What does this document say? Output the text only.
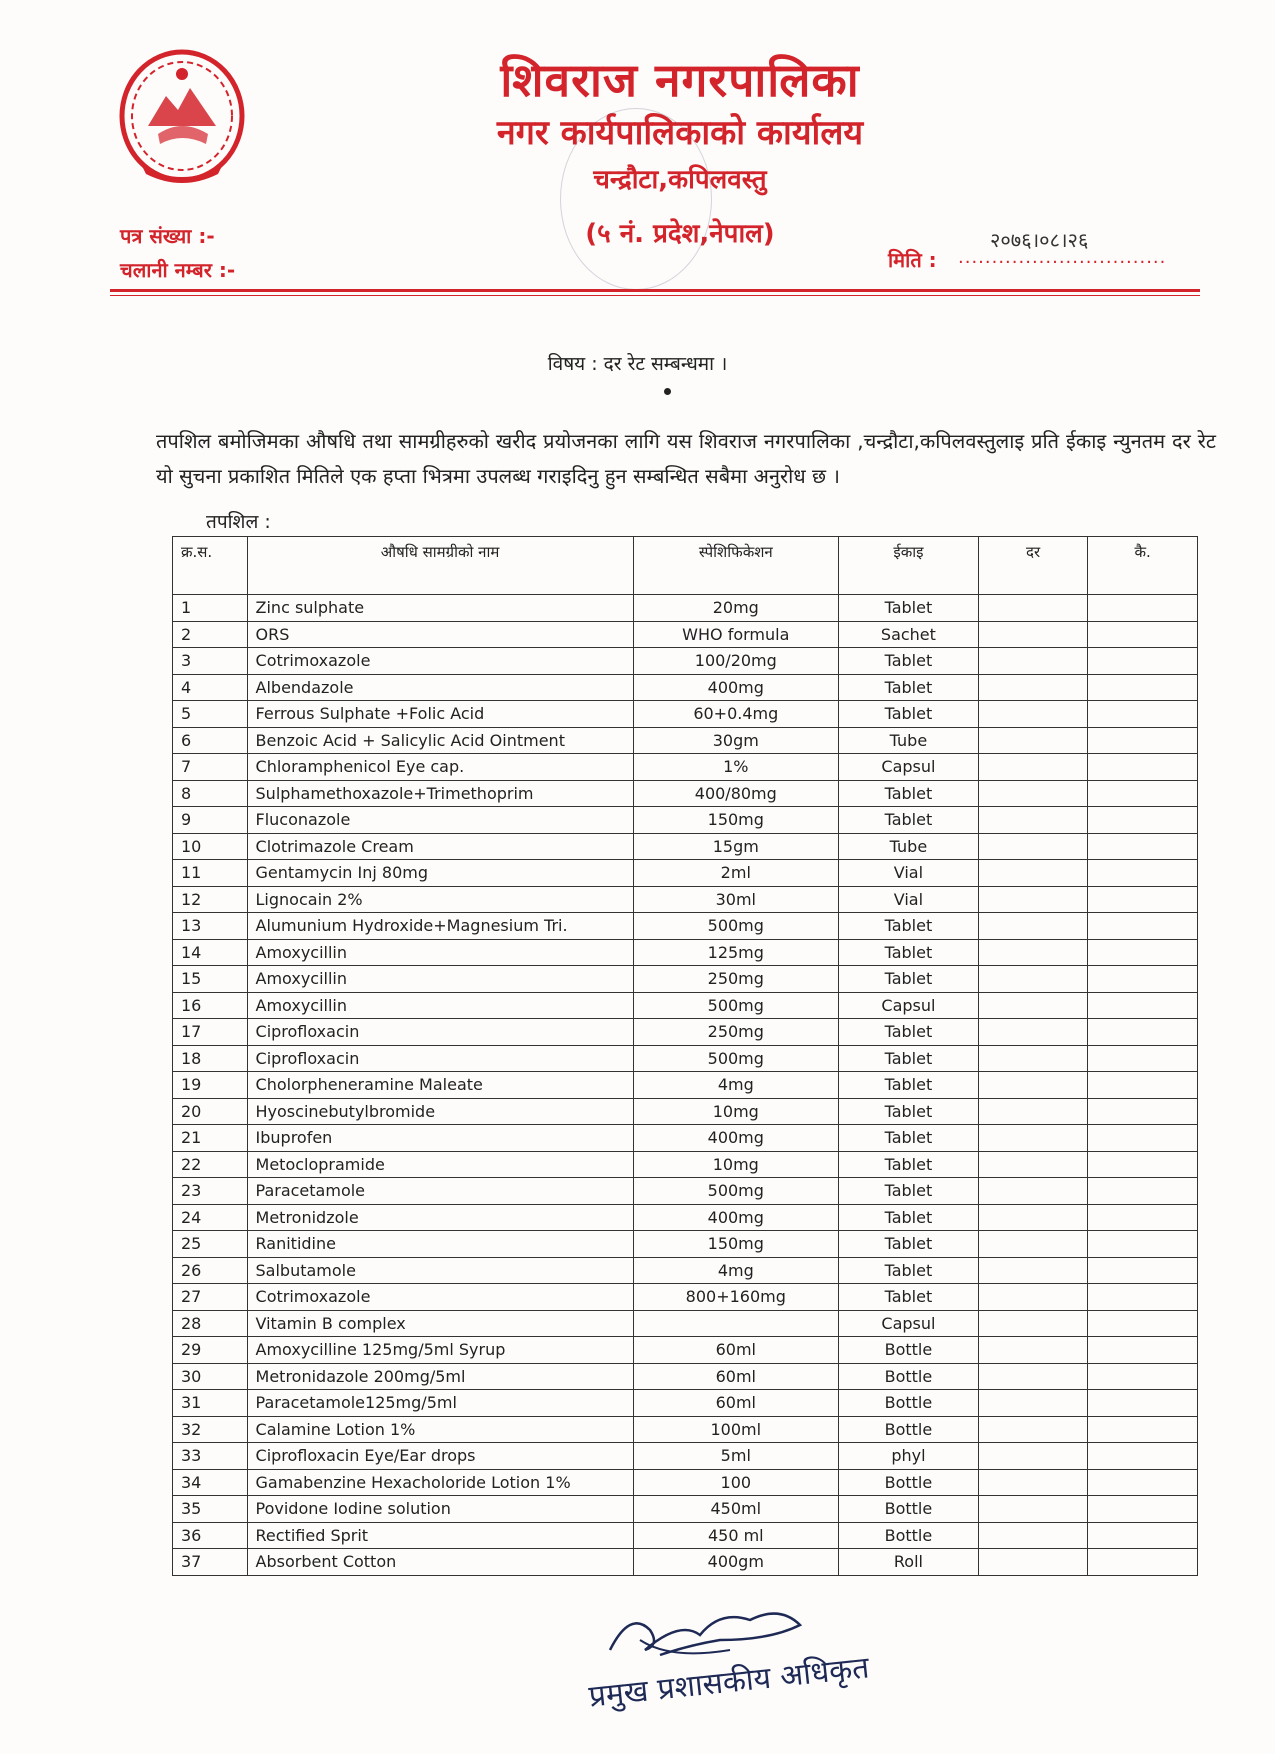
शिवराज नगरपालिका
नगर कार्यपालिकाको कार्यालय
चन्द्रौटा,कपिलवस्तु
(५ नं. प्रदेश,नेपाल)
पत्र संख्या :-
चलानी नम्बर :-	मिति : ...............................
२०७६।०८।२६
विषय : दर रेट सम्बन्धमा ।
तपशिल बमोजिमका औषधि तथा सामग्रीहरुको खरीद प्रयोजनका लागि यस शिवराज नगरपालिका ,चन्द्रौटा,कपिलवस्तुलाइ प्रति ईकाइ न्युनतम दर रेट यो सुचना प्रकाशित मितिले एक हप्ता भित्रमा उपलब्ध गराइदिनु हुन सम्बन्धित सबैमा अनुरोध छ ।
तपशिल :
क्र.स.	औषधि सामग्रीको नाम	स्पेशिफिकेशन	ईकाइ	दर	कै.
1	Zinc sulphate	20mg	Tablet		
2	ORS	WHO formula	Sachet		
3	Cotrimoxazole	100/20mg	Tablet		
4	Albendazole	400mg	Tablet		
5	Ferrous Sulphate +Folic Acid	60+0.4mg	Tablet		
6	Benzoic Acid + Salicylic Acid Ointment	30gm	Tube		
7	Chloramphenicol Eye cap.	1%	Capsul		
8	Sulphamethoxazole+Trimethoprim	400/80mg	Tablet		
9	Fluconazole	150mg	Tablet		
10	Clotrimazole Cream	15gm	Tube		
11	Gentamycin Inj 80mg	2ml	Vial		
12	Lignocain 2%	30ml	Vial		
13	Alumunium Hydroxide+Magnesium Tri.	500mg	Tablet		
14	Amoxycillin	125mg	Tablet		
15	Amoxycillin	250mg	Tablet		
16	Amoxycillin	500mg	Capsul		
17	Ciprofloxacin	250mg	Tablet		
18	Ciprofloxacin	500mg	Tablet		
19	Cholorpheneramine Maleate	4mg	Tablet		
20	Hyoscinebutylbromide	10mg	Tablet		
21	Ibuprofen	400mg	Tablet		
22	Metoclopramide	10mg	Tablet		
23	Paracetamole	500mg	Tablet		
24	Metronidzole	400mg	Tablet		
25	Ranitidine	150mg	Tablet		
26	Salbutamole	4mg	Tablet		
27	Cotrimoxazole	800+160mg	Tablet		
28	Vitamin B complex		Capsul		
29	Amoxycilline 125mg/5ml Syrup	60ml	Bottle		
30	Metronidazole 200mg/5ml	60ml	Bottle		
31	Paracetamole125mg/5ml	60ml	Bottle		
32	Calamine Lotion 1%	100ml	Bottle		
33	Ciprofloxacin Eye/Ear drops	5ml	phyl		
34	Gamabenzine Hexacholoride Lotion 1%	100	Bottle		
35	Povidone Iodine solution	450ml	Bottle		
36	Rectified Sprit	450 ml	Bottle		
37	Absorbent Cotton	400gm	Roll		
प्रमुख प्रशासकीय अधिकृत
